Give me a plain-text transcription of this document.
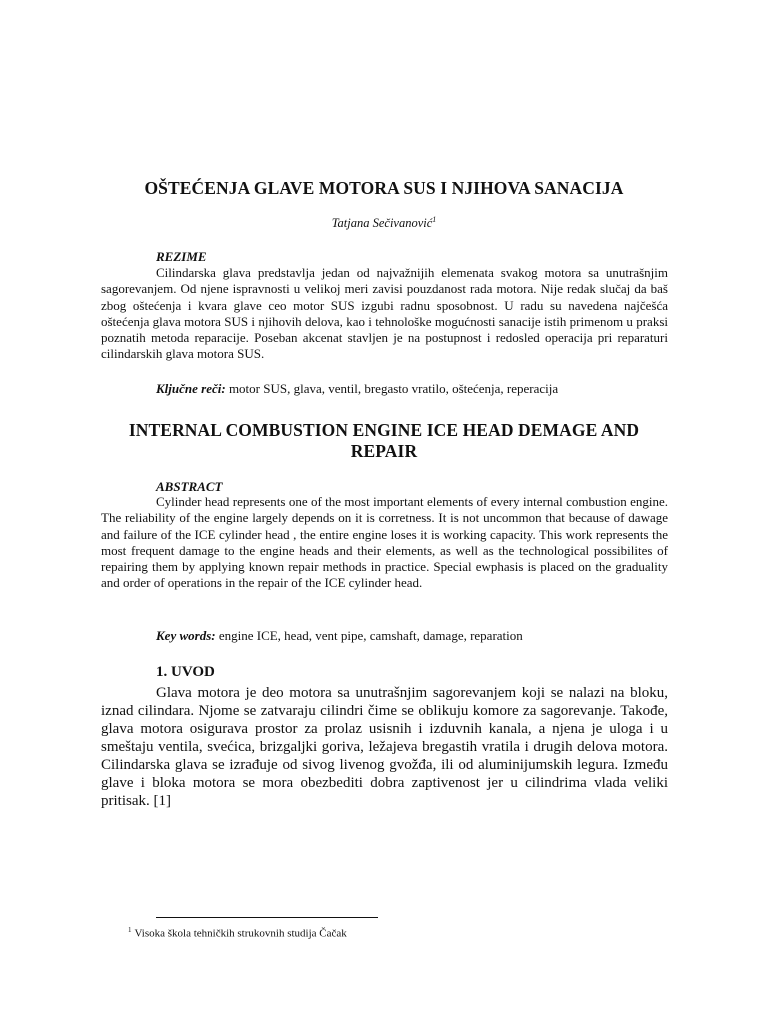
OŠTEĆENJA GLAVE MOTORA SUS I NJIHOVA SANACIJA
Tatjana Sečivanović$^1$
REZIME
Cilindarska glava predstavlja jedan od najvažnijih elemenata svakog motora sa unutrašnjim sagorevanjem. Od njene ispravnosti u velikoj meri zavisi pouzdanost rada motora. Nije redak slučaj da baš zbog oštećenja i kvara glave ceo motor SUS izgubi radnu sposobnost. U radu su navedena najčešća oštećenja glava motora SUS i njihovih delova, kao i tehnološke mogućnosti sanacije istih primenom u praksi poznatih metoda reparacije. Poseban akcenat stavljen je na postupnost i redosled operacija pri reparaturi cilindarskih glava motora SUS.
Ključne reči: motor SUS, glava, ventil, bregasto vratilo, oštećenja, reperacija
INTERNAL COMBUSTION ENGINE ICE HEAD DEMAGE AND REPAIR
ABSTRACT
Cylinder head represents one of the most important elements of every internal combustion engine. The reliability of the engine largely depends on it is corretness. It is not uncommon that because of dawage and failure of the ICE cylinder head , the entire engine loses it is working capacity. This work represents the most frequent damage to the engine heads and their elements, as well as the technological possibilites of repairing them by applying known repair methods in practice. Special ewphasis is placed on the graduality and order of operations in the repair of the ICE cylinder head.
Key words: engine ICE, head, vent pipe, camshaft, damage, reparation
1. UVOD
Glava motora je deo motora sa unutrašnjim sagorevanjem koji se nalazi na bloku, iznad cilindara. Njome se zatvaraju cilindri čime se oblikuju komore za sagorevanje. Takođe, glava motora osigurava prostor za prolaz usisnih i izduvnih kanala, a njena je uloga i u smeštaju ventila, svećica, brizgaljki goriva, ležajeva bregastih vratila i drugih delova motora. Cilindarska glava se izrađuje od sivog livenog gvožđa, ili od aluminijumskih legura. Između glave i bloka motora se mora obezbediti dobra zaptivenost jer u cilindrima vlada veliki pritisak. [1]
$^1$ Visoka škola tehničkih strukovnih studija Čačak
